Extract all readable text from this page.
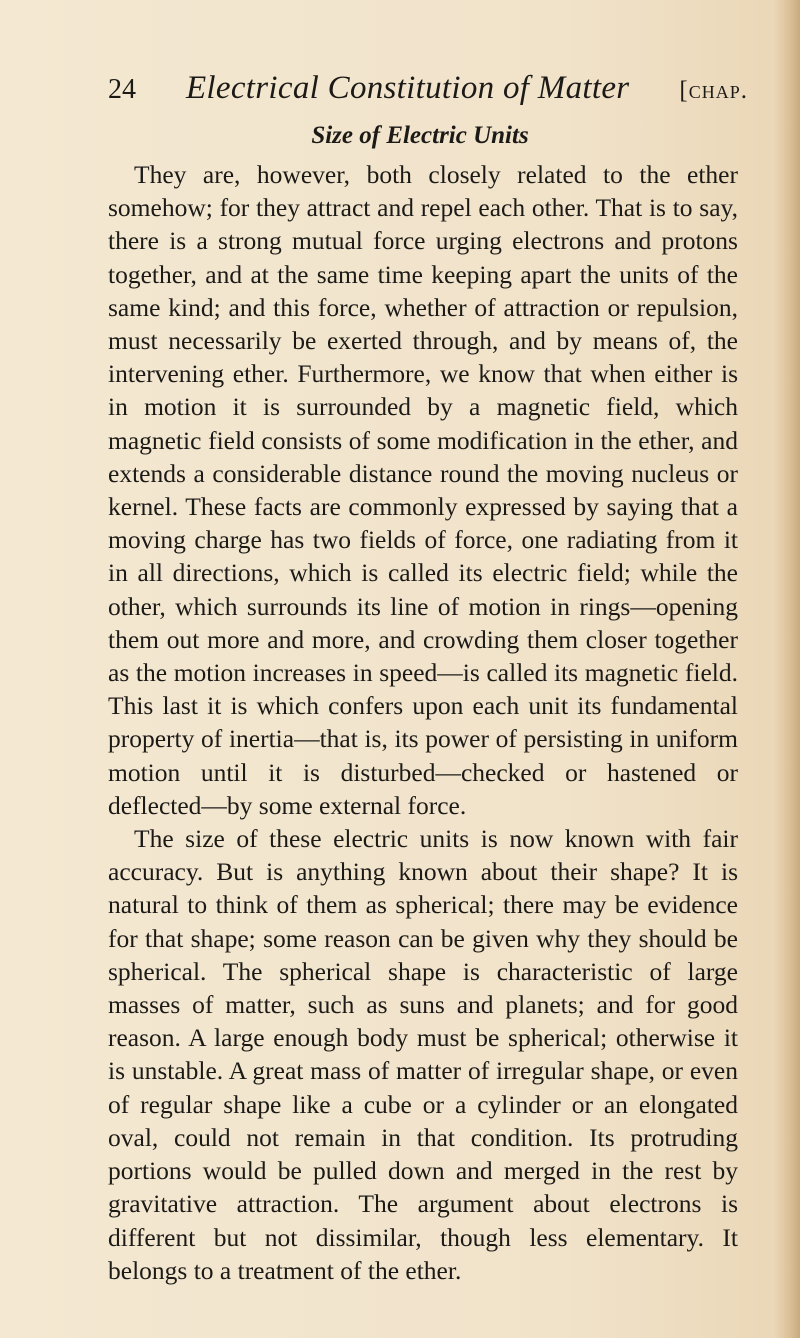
24 Electrical Constitution of Matter [chap.
Size of Electric Units

They are, however, both closely related to the ether somehow; for they attract and repel each other. That is to say, there is a strong mutual force urging electrons and protons together, and at the same time keeping apart the units of the same kind; and this force, whether of attraction or repulsion, must necessarily be exerted through, and by means of, the intervening ether. Furthermore, we know that when either is in motion it is surrounded by a magnetic field, which magnetic field consists of some modification in the ether, and extends a considerable distance round the moving nucleus or kernel. These facts are commonly expressed by saying that a moving charge has two fields of force, one radiating from it in all directions, which is called its electric field; while the other, which surrounds its line of motion in rings—opening them out more and more, and crowding them closer together as the motion increases in speed—is called its magnetic field. This last it is which confers upon each unit its fundamental property of inertia—that is, its power of persisting in uniform motion until it is disturbed—checked or hastened or deflected—by some external force.

The size of these electric units is now known with fair accuracy. But is anything known about their shape? It is natural to think of them as spherical; there may be evidence for that shape; some reason can be given why they should be spherical. The spherical shape is characteristic of large masses of matter, such as suns and planets; and for good reason. A large enough body must be spherical; otherwise it is unstable. A great mass of matter of irregular shape, or even of regular shape like a cube or a cylinder or an elongated oval, could not remain in that condition. Its protruding portions would be pulled down and merged in the rest by gravitative attraction. The argument about electrons is different but not dissimilar, though less elementary. It belongs to a treatment of the ether.
